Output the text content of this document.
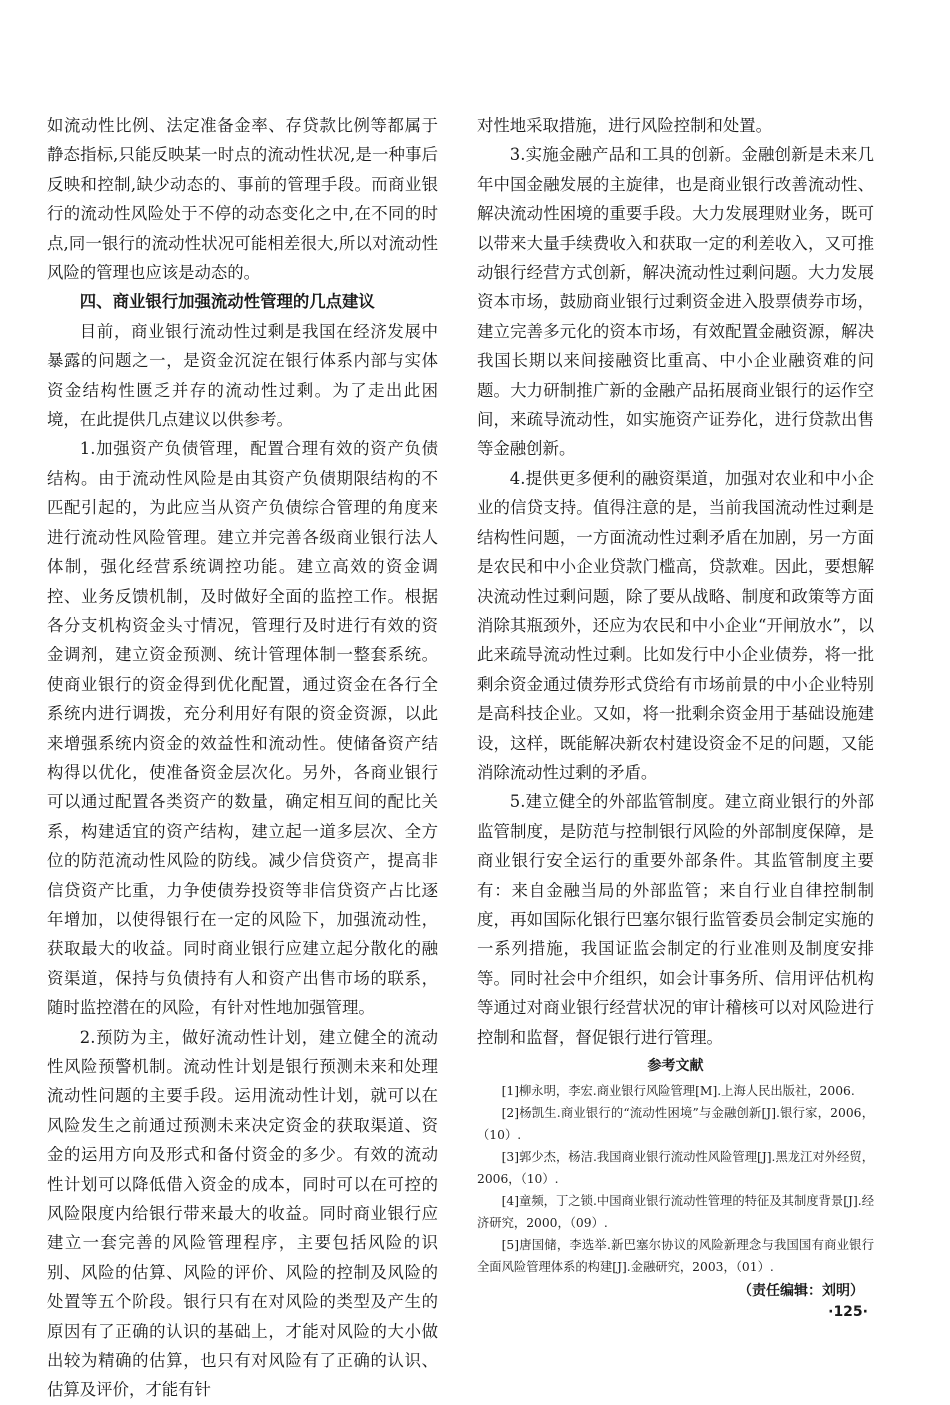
如流动性比例、法定准备金率、存贷款比例等都属于静态指标,只能反映某一时点的流动性状况,是一种事后反映和控制,缺少动态的、事前的管理手段。而商业银行的流动性风险处于不停的动态变化之中,在不同的时点,同一银行的流动性状况可能相差很大,所以对流动性风险的管理也应该是动态的。

四、商业银行加强流动性管理的几点建议

目前，商业银行流动性过剩是我国在经济发展中暴露的问题之一，是资金沉淀在银行体系内部与实体资金结构性匮乏并存的流动性过剩。为了走出此困境，在此提供几点建议以供参考。

1.加强资产负债管理，配置合理有效的资产负债结构。由于流动性风险是由其资产负债期限结构的不匹配引起的，为此应当从资产负债综合管理的角度来进行流动性风险管理。建立并完善各级商业银行法人体制，强化经营系统调控功能。建立高效的资金调控、业务反馈机制，及时做好全面的监控工作。根据各分支机构资金头寸情况，管理行及时进行有效的资金调剂，建立资金预测、统计管理体制一整套系统。使商业银行的资金得到优化配置，通过资金在各行全系统内进行调拨，充分利用好有限的资金资源，以此来增强系统内资金的效益性和流动性。使储备资产结构得以优化，使准备资金层次化。另外，各商业银行可以通过配置各类资产的数量，确定相互间的配比关系，构建适宜的资产结构，建立起一道多层次、全方位的防范流动性风险的防线。减少信贷资产，提高非信贷资产比重，力争使债券投资等非信贷资产占比逐年增加，以使得银行在一定的风险下，加强流动性，获取最大的收益。同时商业银行应建立起分散化的融资渠道，保持与负债持有人和资产出售市场的联系，随时监控潜在的风险，有针对性地加强管理。

2.预防为主，做好流动性计划，建立健全的流动性风险预警机制。流动性计划是银行预测未来和处理流动性问题的主要手段。运用流动性计划，就可以在风险发生之前通过预测未来决定资金的获取渠道、资金的运用方向及形式和备付资金的多少。有效的流动性计划可以降低借入资金的成本，同时可以在可控的风险限度内给银行带来最大的收益。同时商业银行应建立一套完善的风险管理程序，主要包括风险的识别、风险的估算、风险的评价、风险的控制及风险的处置等五个阶段。银行只有在对风险的类型及产生的原因有了正确的认识的基础上，才能对风险的大小做出较为精确的估算，也只有对风险有了正确的认识、估算及评价，才能有针

对性地采取措施，进行风险控制和处置。

3.实施金融产品和工具的创新。金融创新是未来几年中国金融发展的主旋律，也是商业银行改善流动性、解决流动性困境的重要手段。大力发展理财业务，既可以带来大量手续费收入和获取一定的利差收入，又可推动银行经营方式创新，解决流动性过剩问题。大力发展资本市场，鼓励商业银行过剩资金进入股票债券市场，建立完善多元化的资本市场，有效配置金融资源，解决我国长期以来间接融资比重高、中小企业融资难的问题。大力研制推广新的金融产品拓展商业银行的运作空间，来疏导流动性，如实施资产证券化，进行贷款出售等金融创新。

4.提供更多便利的融资渠道，加强对农业和中小企业的信贷支持。值得注意的是，当前我国流动性过剩是结构性问题，一方面流动性过剩矛盾在加剧，另一方面是农民和中小企业贷款门槛高，贷款难。因此，要想解决流动性过剩问题，除了要从战略、制度和政策等方面消除其瓶颈外，还应为农民和中小企业“开闸放水”，以此来疏导流动性过剩。比如发行中小企业债券，将一批剩余资金通过债券形式贷给有市场前景的中小企业特别是高科技企业。又如，将一批剩余资金用于基础设施建设，这样，既能解决新农村建设资金不足的问题，又能消除流动性过剩的矛盾。

5.建立健全的外部监管制度。建立商业银行的外部监管制度，是防范与控制银行风险的外部制度保障，是商业银行安全运行的重要外部条件。其监管制度主要有：来自金融当局的外部监管；来自行业自律控制制度，再如国际化银行巴塞尔银行监管委员会制定实施的一系列措施，我国证监会制定的行业准则及制度安排等。同时社会中介组织，如会计事务所、信用评估机构等通过对商业银行经营状况的审计稽核可以对风险进行控制和监督，督促银行进行管理。

参考文献
[1]柳永明，李宏.商业银行风险管理[M].上海人民出版社，2006.
[2]杨凯生.商业银行的“流动性困境”与金融创新[J].银行家，2006，（10）.
[3]郭少杰，杨洁.我国商业银行流动性风险管理[J].黑龙江对外经贸，2006，（10）.
[4]童频，丁之锁.中国商业银行流动性管理的特征及其制度背景[J].经济研究，2000，（09）.
[5]唐国储，李选举.新巴塞尔协议的风险新理念与我国国有商业银行全面风险管理体系的构建[J].金融研究，2003，（01）.
（责任编辑：刘明）
·125·
